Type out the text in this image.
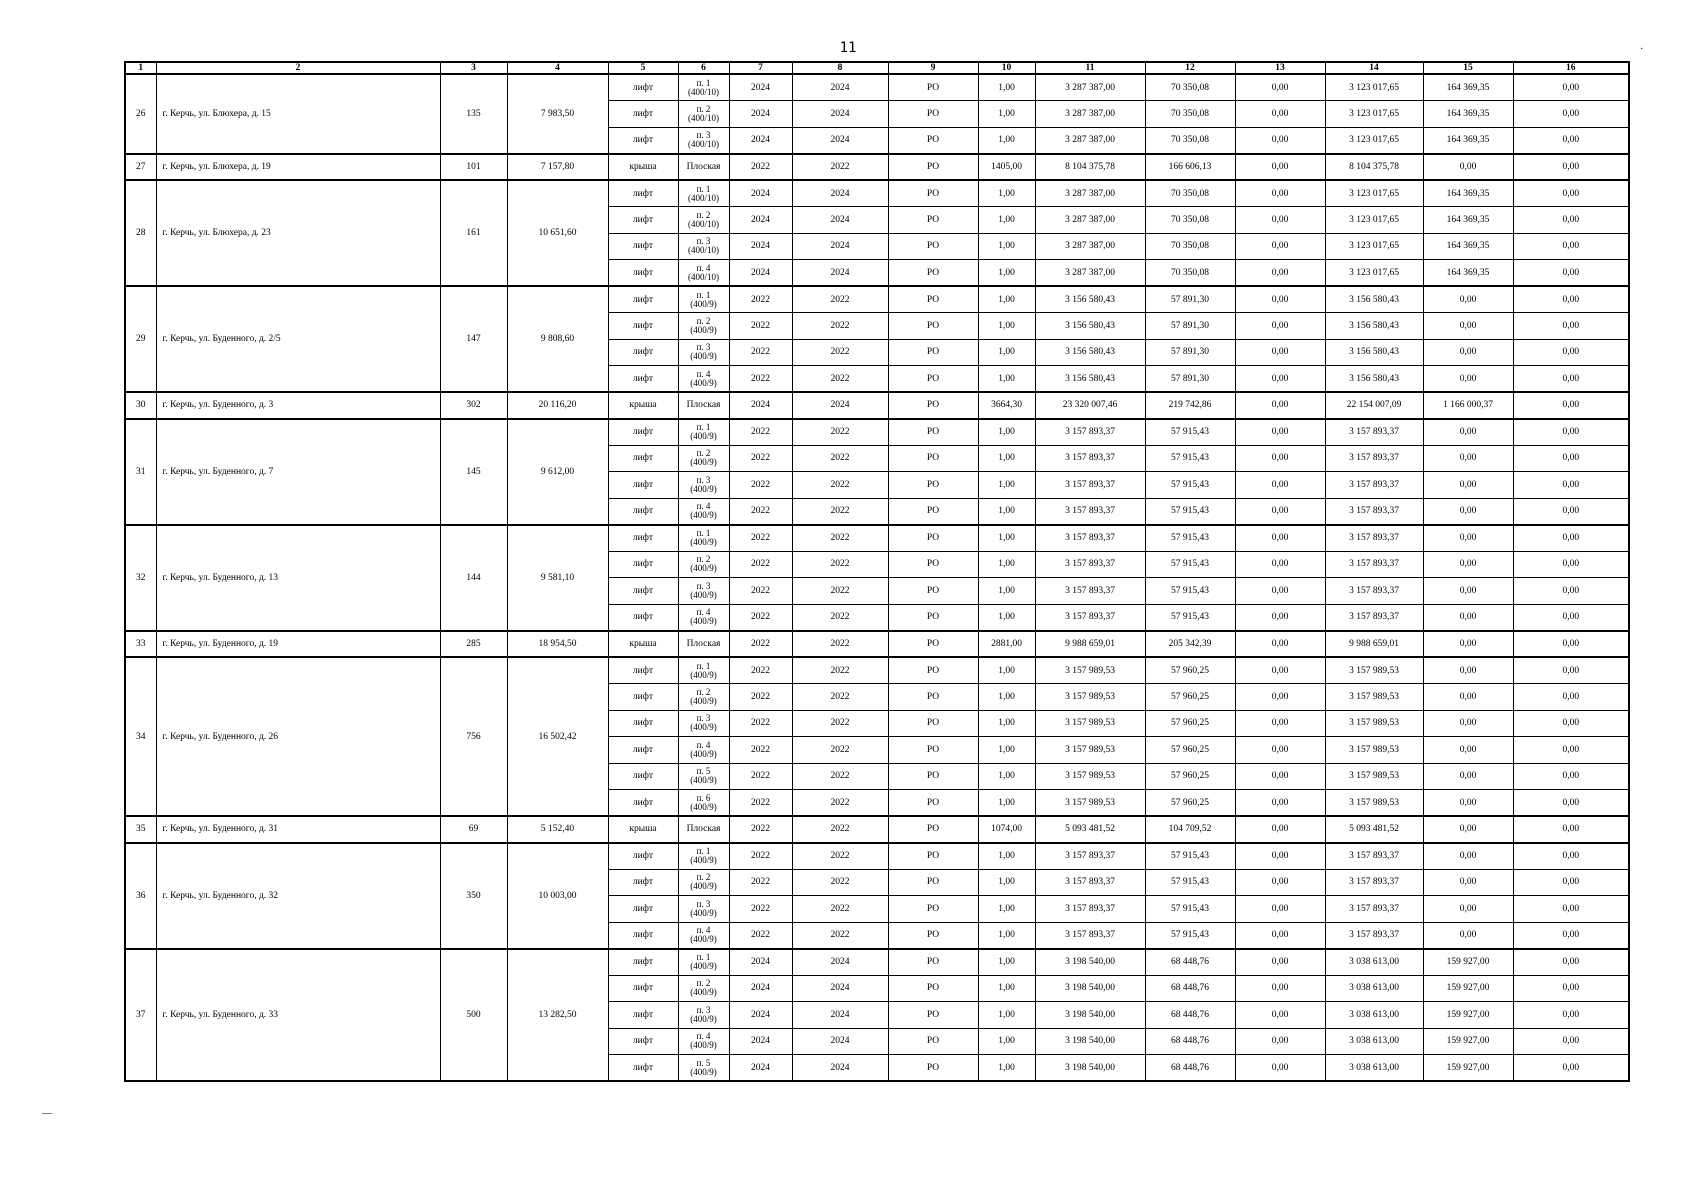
11	·
—
1	2	3	4	5	6	7	8	9	10	11	12	13	14	15	16
26	г. Керчь, ул. Блюхера, д. 15	135	7 983,50	лифт	п. 1
(400/10)	2024	2024	РО	1,00	3 287 387,00	70 350,08	0,00	3 123 017,65	164 369,35	0,00
				лифт	п. 2
(400/10)	2024	2024	РО	1,00	3 287 387,00	70 350,08	0,00	3 123 017,65	164 369,35	0,00
				лифт	п. 3
(400/10)	2024	2024	РО	1,00	3 287 387,00	70 350,08	0,00	3 123 017,65	164 369,35	0,00
27	г. Керчь, ул. Блюхера, д. 19	101	7 157,80	крыша	Плоская	2022	2022	РО	1405,00	8 104 375,78	166 606,13	0,00	8 104 375,78	0,00	0,00
28	г. Керчь, ул. Блюхера, д. 23	161	10 651,60	лифт	п. 1
(400/10)	2024	2024	РО	1,00	3 287 387,00	70 350,08	0,00	3 123 017,65	164 369,35	0,00
				лифт	п. 2
(400/10)	2024	2024	РО	1,00	3 287 387,00	70 350,08	0,00	3 123 017,65	164 369,35	0,00
				лифт	п. 3
(400/10)	2024	2024	РО	1,00	3 287 387,00	70 350,08	0,00	3 123 017,65	164 369,35	0,00
				лифт	п. 4
(400/10)	2024	2024	РО	1,00	3 287 387,00	70 350,08	0,00	3 123 017,65	164 369,35	0,00
29	г. Керчь, ул. Буденного, д. 2/5	147	9 808,60	лифт	п. 1
(400/9)	2022	2022	РО	1,00	3 156 580,43	57 891,30	0,00	3 156 580,43	0,00	0,00
				лифт	п. 2
(400/9)	2022	2022	РО	1,00	3 156 580,43	57 891,30	0,00	3 156 580,43	0,00	0,00
				лифт	п. 3
(400/9)	2022	2022	РО	1,00	3 156 580,43	57 891,30	0,00	3 156 580,43	0,00	0,00
				лифт	п. 4
(400/9)	2022	2022	РО	1,00	3 156 580,43	57 891,30	0,00	3 156 580,43	0,00	0,00
30	г. Керчь, ул. Буденного, д. 3	302	20 116,20	крыша	Плоская	2024	2024	РО	3664,30	23 320 007,46	219 742,86	0,00	22 154 007,09	1 166 000,37	0,00
31	г. Керчь, ул. Буденного, д. 7	145	9 612,00	лифт	п. 1
(400/9)	2022	2022	РО	1,00	3 157 893,37	57 915,43	0,00	3 157 893,37	0,00	0,00
				лифт	п. 2
(400/9)	2022	2022	РО	1,00	3 157 893,37	57 915,43	0,00	3 157 893,37	0,00	0,00
				лифт	п. 3
(400/9)	2022	2022	РО	1,00	3 157 893,37	57 915,43	0,00	3 157 893,37	0,00	0,00
				лифт	п. 4
(400/9)	2022	2022	РО	1,00	3 157 893,37	57 915,43	0,00	3 157 893,37	0,00	0,00
32	г. Керчь, ул. Буденного, д. 13	144	9 581,10	лифт	п. 1
(400/9)	2022	2022	РО	1,00	3 157 893,37	57 915,43	0,00	3 157 893,37	0,00	0,00
				лифт	п. 2
(400/9)	2022	2022	РО	1,00	3 157 893,37	57 915,43	0,00	3 157 893,37	0,00	0,00
				лифт	п. 3
(400/9)	2022	2022	РО	1,00	3 157 893,37	57 915,43	0,00	3 157 893,37	0,00	0,00
				лифт	п. 4
(400/9)	2022	2022	РО	1,00	3 157 893,37	57 915,43	0,00	3 157 893,37	0,00	0,00
33	г. Керчь, ул. Буденного, д. 19	285	18 954,50	крыша	Плоская	2022	2022	РО	2881,00	9 988 659,01	205 342,39	0,00	9 988 659,01	0,00	0,00
34	г. Керчь, ул. Буденного, д. 26	756	16 502,42	лифт	п. 1
(400/9)	2022	2022	РО	1,00	3 157 989,53	57 960,25	0,00	3 157 989,53	0,00	0,00
				лифт	п. 2
(400/9)	2022	2022	РО	1,00	3 157 989,53	57 960,25	0,00	3 157 989,53	0,00	0,00
				лифт	п. 3
(400/9)	2022	2022	РО	1,00	3 157 989,53	57 960,25	0,00	3 157 989,53	0,00	0,00
				лифт	п. 4
(400/9)	2022	2022	РО	1,00	3 157 989,53	57 960,25	0,00	3 157 989,53	0,00	0,00
				лифт	п. 5
(400/9)	2022	2022	РО	1,00	3 157 989,53	57 960,25	0,00	3 157 989,53	0,00	0,00
				лифт	п. 6
(400/9)	2022	2022	РО	1,00	3 157 989,53	57 960,25	0,00	3 157 989,53	0,00	0,00
35	г. Керчь, ул. Буденного, д. 31	69	5 152,40	крыша	Плоская	2022	2022	РО	1074,00	5 093 481,52	104 709,52	0,00	5 093 481,52	0,00	0,00
36	г. Керчь, ул. Буденного, д. 32	350	10 003,00	лифт	п. 1
(400/9)	2022	2022	РО	1,00	3 157 893,37	57 915,43	0,00	3 157 893,37	0,00	0,00
				лифт	п. 2
(400/9)	2022	2022	РО	1,00	3 157 893,37	57 915,43	0,00	3 157 893,37	0,00	0,00
				лифт	п. 3
(400/9)	2022	2022	РО	1,00	3 157 893,37	57 915,43	0,00	3 157 893,37	0,00	0,00
				лифт	п. 4
(400/9)	2022	2022	РО	1,00	3 157 893,37	57 915,43	0,00	3 157 893,37	0,00	0,00
37	г. Керчь, ул. Буденного, д. 33	500	13 282,50	лифт	п. 1
(400/9)	2024	2024	РО	1,00	3 198 540,00	68 448,76	0,00	3 038 613,00	159 927,00	0,00
				лифт	п. 2
(400/9)	2024	2024	РО	1,00	3 198 540,00	68 448,76	0,00	3 038 613,00	159 927,00	0,00
				лифт	п. 3
(400/9)	2024	2024	РО	1,00	3 198 540,00	68 448,76	0,00	3 038 613,00	159 927,00	0,00
				лифт	п. 4
(400/9)	2024	2024	РО	1,00	3 198 540,00	68 448,76	0,00	3 038 613,00	159 927,00	0,00
				лифт	п. 5
(400/9)	2024	2024	РО	1,00	3 198 540,00	68 448,76	0,00	3 038 613,00	159 927,00	0,00
